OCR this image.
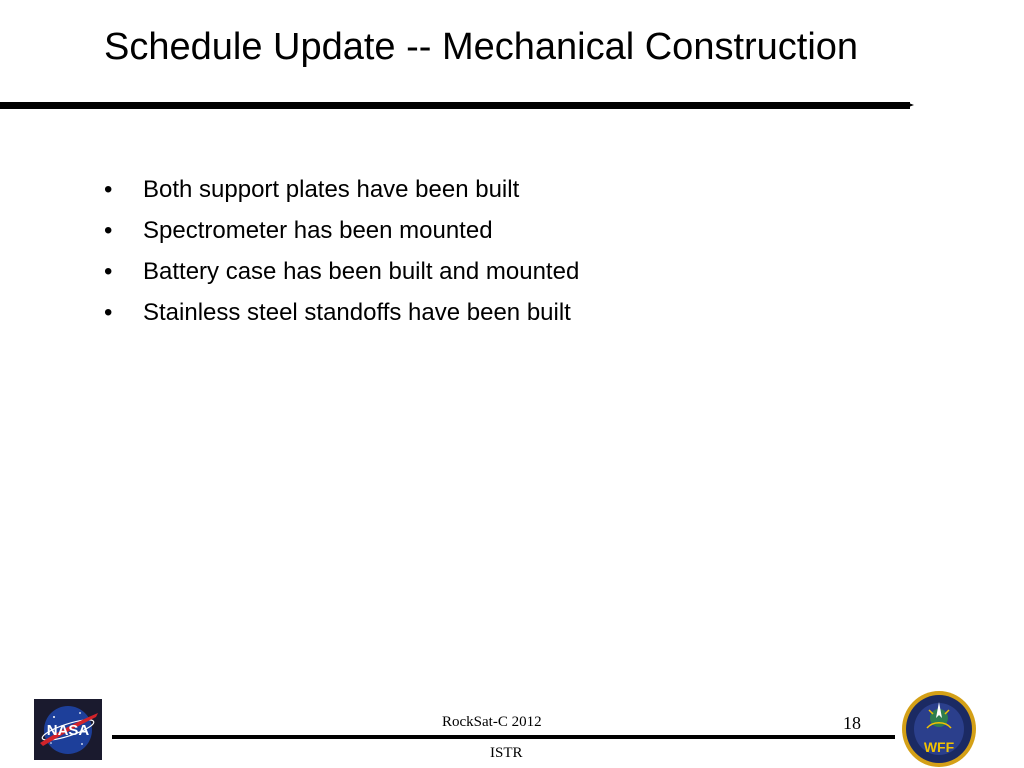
Schedule Update -- Mechanical Construction
• Both support plates have been built
• Spectrometer has been mounted
• Battery case has been built and mounted
• Stainless steel standoffs have been built
NASA	RockSat-C 2012
ISTR
18
WFF
